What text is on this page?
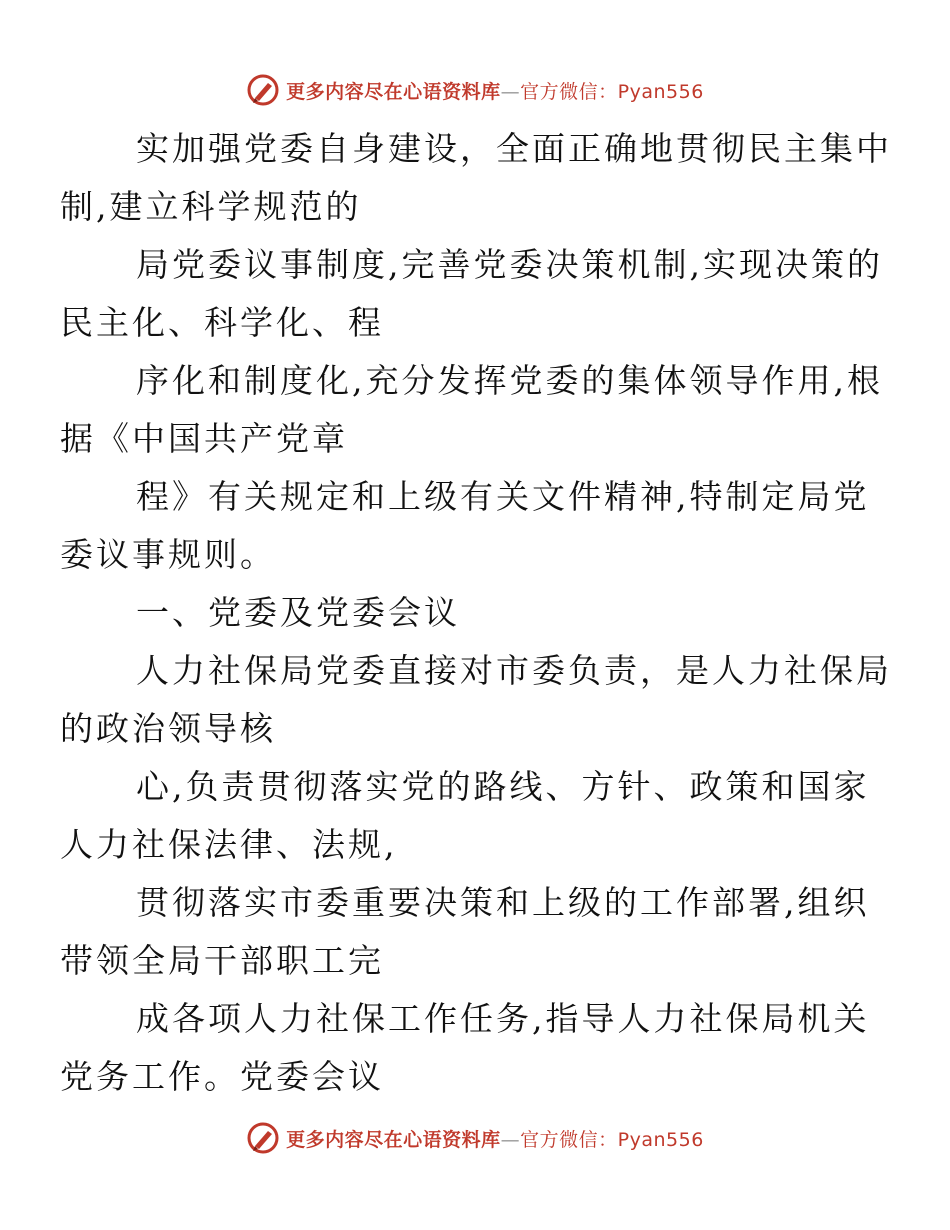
更多内容尽在心语资料库—官方微信：Pyan556
实加强党委自身建设，全面正确地贯彻民主集中
制,建立科学规范的
局党委议事制度,完善党委决策机制,实现决策的
民主化、科学化、程
序化和制度化,充分发挥党委的集体领导作用,根
据《中国共产党章
程》有关规定和上级有关文件精神,特制定局党
委议事规则。
一、党委及党委会议
人力社保局党委直接对市委负责，是人力社保局
的政治领导核
心,负责贯彻落实党的路线、方针、政策和国家
人力社保法律、法规,
贯彻落实市委重要决策和上级的工作部署,组织
带领全局干部职工完
成各项人力社保工作任务,指导人力社保局机关
党务工作。党委会议
更多内容尽在心语资料库—官方微信：Pyan556
